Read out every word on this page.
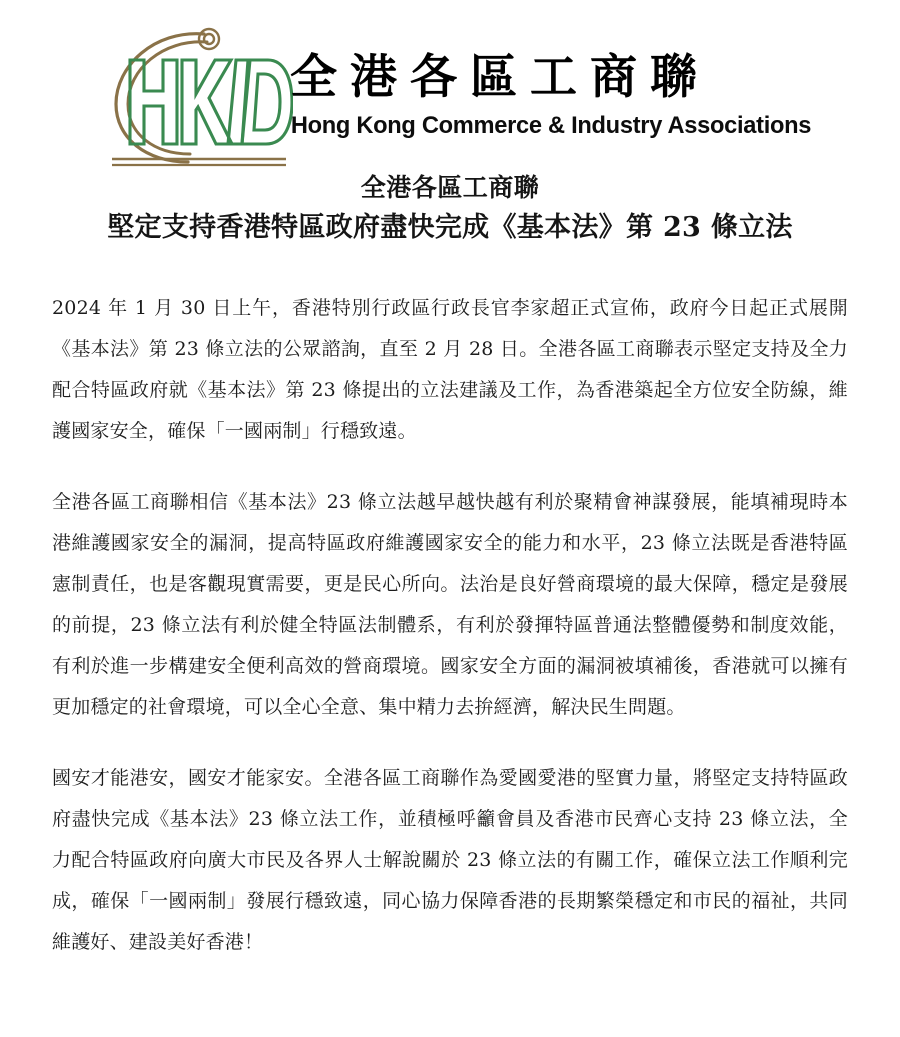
全港各區工商聯
Hong Kong Commerce & Industry Associations
全港各區工商聯
堅定支持香港特區政府盡快完成《基本法》第 23 條立法

2024 年 1 月 30 日上午，香港特別行政區行政長官李家超正式宣佈，政府今日起正式展開《基本法》第 23 條立法的公眾諮詢，直至 2 月 28 日。全港各區工商聯表示堅定支持及全力配合特區政府就《基本法》第 23 條提出的立法建議及工作，為香港築起全方位安全防線，維護國家安全，確保「一國兩制」行穩致遠。

全港各區工商聯相信《基本法》23 條立法越早越快越有利於聚精會神謀發展，能填補現時本港維護國家安全的漏洞，提高特區政府維護國家安全的能力和水平，23 條立法既是香港特區憲制責任，也是客觀現實需要，更是民心所向。法治是良好營商環境的最大保障，穩定是發展的前提，23 條立法有利於健全特區法制體系，有利於發揮特區普通法整體優勢和制度效能，有利於進一步構建安全便利高效的營商環境。國家安全方面的漏洞被填補後，香港就可以擁有更加穩定的社會環境，可以全心全意、集中精力去拚經濟，解決民生問題。

國安才能港安，國安才能家安。全港各區工商聯作為愛國愛港的堅實力量，將堅定支持特區政府盡快完成《基本法》23 條立法工作，並積極呼籲會員及香港市民齊心支持 23 條立法，全力配合特區政府向廣大市民及各界人士解說關於 23 條立法的有關工作，確保立法工作順利完成，確保「一國兩制」發展行穩致遠，同心協力保障香港的長期繁榮穩定和市民的福祉，共同維護好、建設美好香港！
